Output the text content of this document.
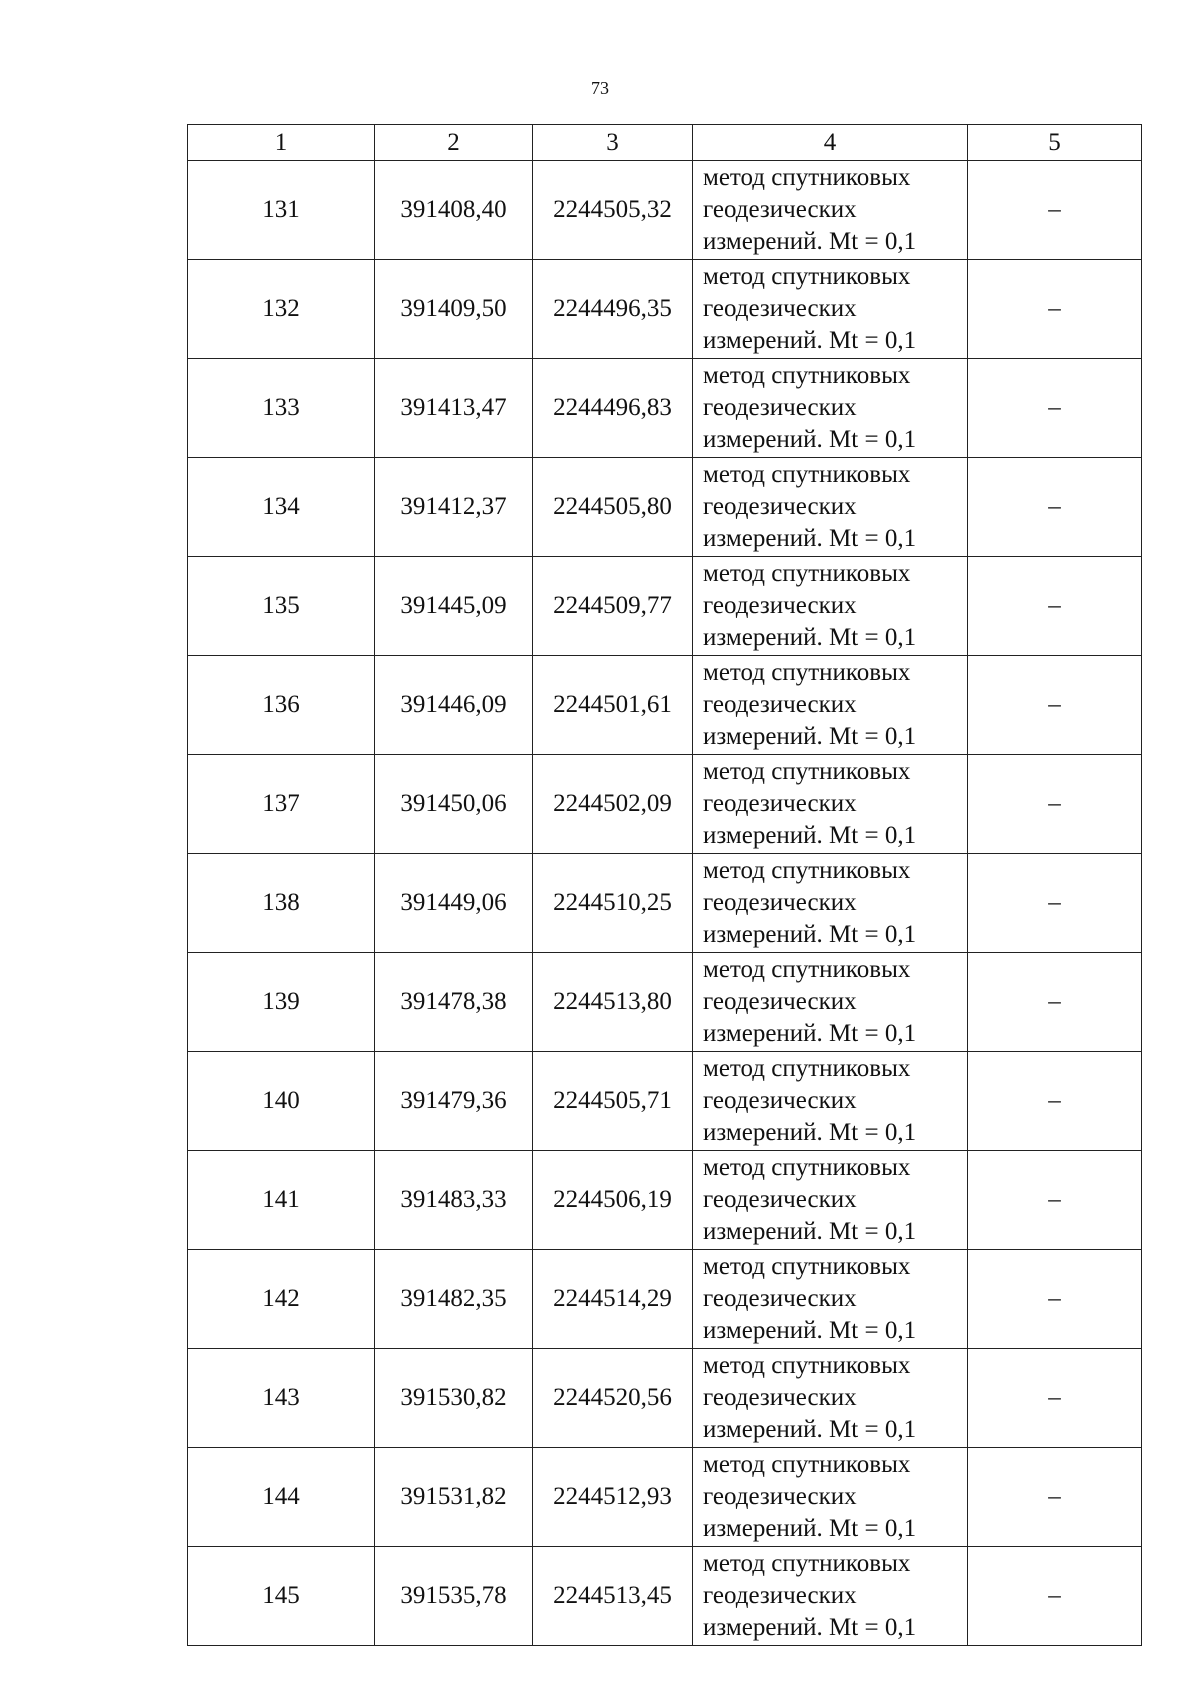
73
1	2	3	4	5
131	391408,40	2244505,32	метод спутниковых
геодезических
измерений. Mt = 0,1	–
132	391409,50	2244496,35	метод спутниковых
геодезических
измерений. Mt = 0,1	–
133	391413,47	2244496,83	метод спутниковых
геодезических
измерений. Mt = 0,1	–
134	391412,37	2244505,80	метод спутниковых
геодезических
измерений. Mt = 0,1	–
135	391445,09	2244509,77	метод спутниковых
геодезических
измерений. Mt = 0,1	–
136	391446,09	2244501,61	метод спутниковых
геодезических
измерений. Mt = 0,1	–
137	391450,06	2244502,09	метод спутниковых
геодезических
измерений. Mt = 0,1	–
138	391449,06	2244510,25	метод спутниковых
геодезических
измерений. Mt = 0,1	–
139	391478,38	2244513,80	метод спутниковых
геодезических
измерений. Mt = 0,1	–
140	391479,36	2244505,71	метод спутниковых
геодезических
измерений. Mt = 0,1	–
141	391483,33	2244506,19	метод спутниковых
геодезических
измерений. Mt = 0,1	–
142	391482,35	2244514,29	метод спутниковых
геодезических
измерений. Mt = 0,1	–
143	391530,82	2244520,56	метод спутниковых
геодезических
измерений. Mt = 0,1	–
144	391531,82	2244512,93	метод спутниковых
геодезических
измерений. Mt = 0,1	–
145	391535,78	2244513,45	метод спутниковых
геодезических
измерений. Mt = 0,1	–
